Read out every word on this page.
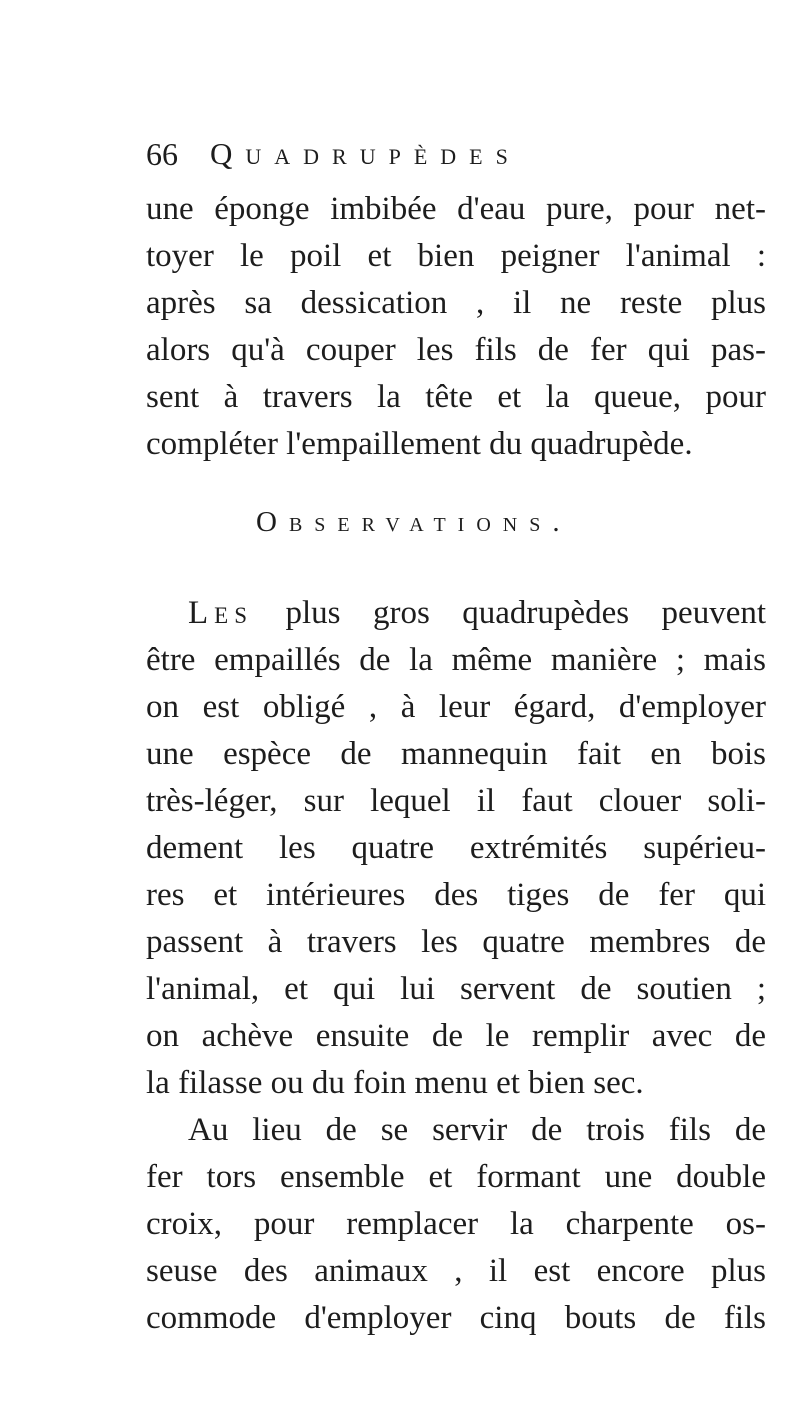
66 Quadrupèdes
une éponge imbibée d'eau pure, pour net-
toyer le poil et bien peigner l'animal :
après sa dessication , il ne reste plus
alors qu'à couper les fils de fer qui pas-
sent à travers la tête et la queue, pour
compléter l'empaillement du quadrupède.
Observations.
Les plus gros quadrupèdes peuvent
être empaillés de la même manière ; mais
on est obligé , à leur égard, d'employer
une espèce de mannequin fait en bois
très-léger, sur lequel il faut clouer soli-
dement les quatre extrémités supérieu-
res et intérieures des tiges de fer qui
passent à travers les quatre membres de
l'animal, et qui lui servent de soutien ;
on achève ensuite de le remplir avec de
la filasse ou du foin menu et bien sec.
Au lieu de se servir de trois fils de
fer tors ensemble et formant une double
croix, pour remplacer la charpente os-
seuse des animaux , il est encore plus
commode d'employer cinq bouts de fils
